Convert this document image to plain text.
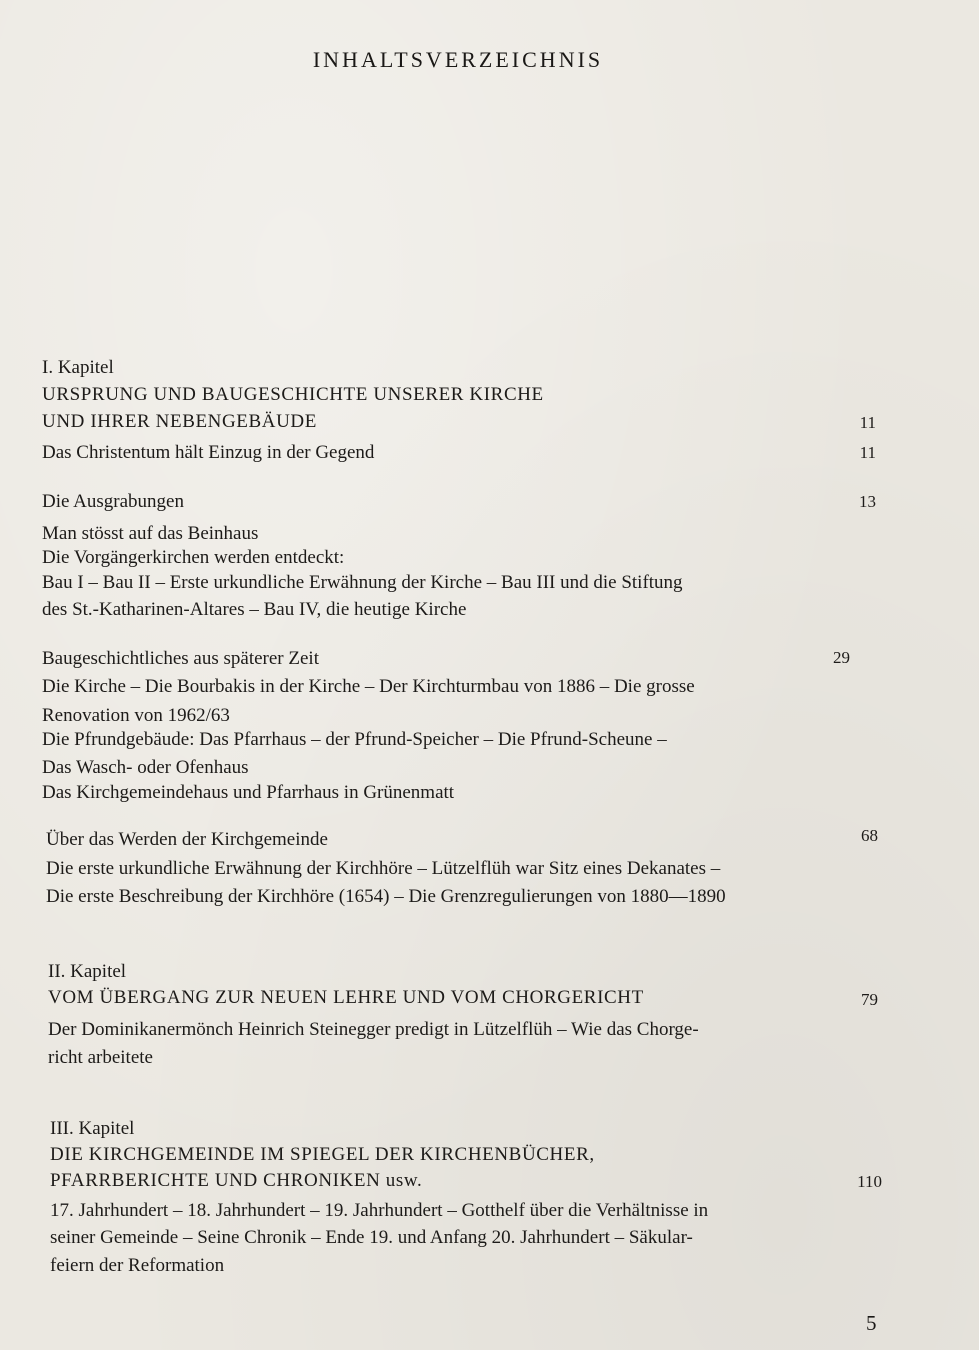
INHALTSVERZEICHNIS
I. Kapitel
URSPRUNG UND BAUGESCHICHTE UNSERER KIRCHE
UND IHRER NEBENGEBÄUDE	11
Das Christentum hält Einzug in der Gegend	11
Die Ausgrabungen	13
Man stösst auf das Beinhaus
Die Vorgängerkirchen werden entdeckt:
Bau I – Bau II – Erste urkundliche Erwähnung der Kirche – Bau III und die Stiftung
des St.-Katharinen-Altares – Bau IV, die heutige Kirche
Baugeschichtliches aus späterer Zeit	29
Die Kirche – Die Bourbakis in der Kirche – Der Kirchturmbau von 1886 – Die grosse
Renovation von 1962/63
Die Pfrundgebäude: Das Pfarrhaus – der Pfrund-Speicher – Die Pfrund-Scheune –
Das Wasch- oder Ofenhaus
Das Kirchgemeindehaus und Pfarrhaus in Grünenmatt
Über das Werden der Kirchgemeinde	68
Die erste urkundliche Erwähnung der Kirchhöre – Lützelflüh war Sitz eines Dekanates –
Die erste Beschreibung der Kirchhöre (1654) – Die Grenzregulierungen von 1880—1890
II. Kapitel
VOM ÜBERGANG ZUR NEUEN LEHRE UND VOM CHORGERICHT	79
Der Dominikanermönch Heinrich Steinegger predigt in Lützelflüh – Wie das Chorge-
richt arbeitete
III. Kapitel
DIE KIRCHGEMEINDE IM SPIEGEL DER KIRCHENBÜCHER,
PFARRBERICHTE UND CHRONIKEN usw.	110
17. Jahrhundert – 18. Jahrhundert – 19. Jahrhundert – Gotthelf über die Verhältnisse in
seiner Gemeinde – Seine Chronik – Ende 19. und Anfang 20. Jahrhundert – Säkular-
feiern der Reformation
5
